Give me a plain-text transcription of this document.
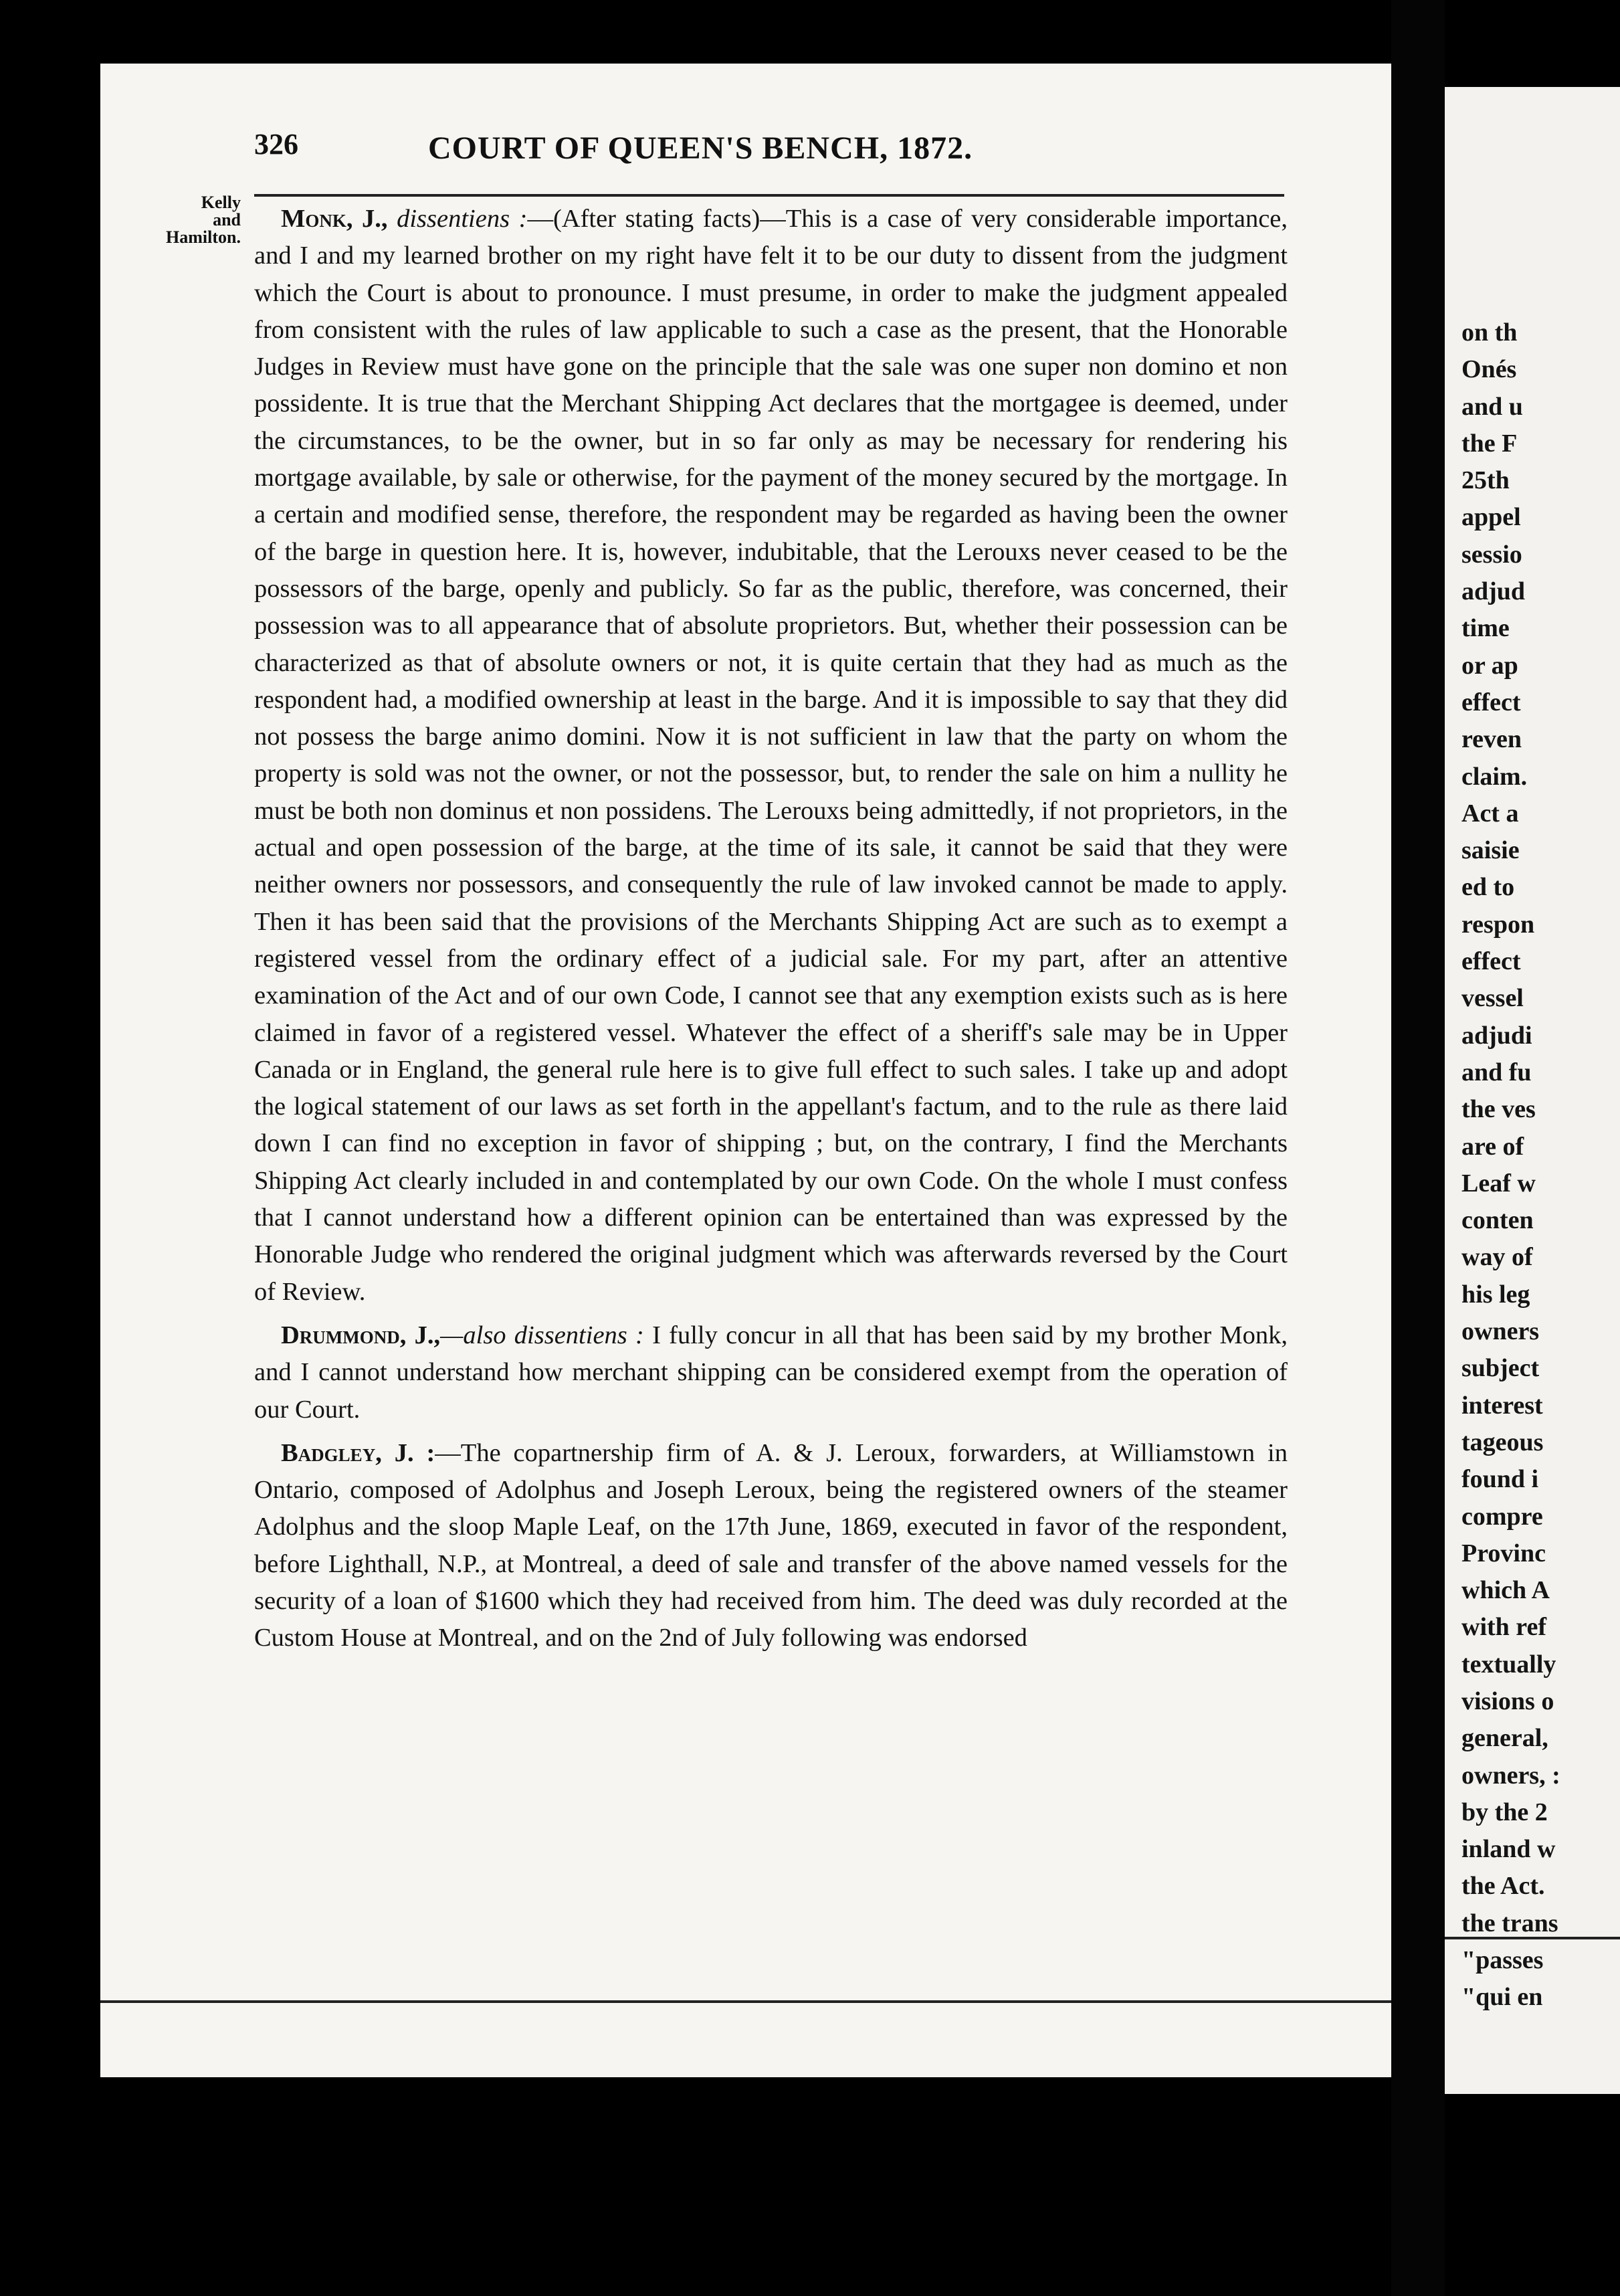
326	COURT OF QUEEN'S BENCH, 1872.
Kelly
and
Hamilton.

Monk, J., dissentiens :—(After stating facts)—This is a case of very considerable importance, and I and my learned brother on my right have felt it to be our duty to dissent from the judgment which the Court is about to pronounce. I must presume, in order to make the judgment appealed from consistent with the rules of law applicable to such a case as the present, that the Honorable Judges in Review must have gone on the principle that the sale was one super non domino et non possidente. It is true that the Merchant Shipping Act declares that the mortgagee is deemed, under the circumstances, to be the owner, but in so far only as may be necessary for rendering his mortgage available, by sale or otherwise, for the payment of the money secured by the mortgage. In a certain and modified sense, therefore, the respondent may be regarded as having been the owner of the barge in question here. It is, however, indubitable, that the Lerouxs never ceased to be the possessors of the barge, openly and publicly. So far as the public, therefore, was concerned, their possession was to all appearance that of absolute proprietors. But, whether their possession can be characterized as that of absolute owners or not, it is quite certain that they had as much as the respondent had, a modified ownership at least in the barge. And it is impossible to say that they did not possess the barge animo domini. Now it is not sufficient in law that the party on whom the property is sold was not the owner, or not the possessor, but, to render the sale on him a nullity he must be both non dominus et non possidens. The Lerouxs being admittedly, if not proprietors, in the actual and open possession of the barge, at the time of its sale, it cannot be said that they were neither owners nor possessors, and consequently the rule of law invoked cannot be made to apply. Then it has been said that the provisions of the Merchants Shipping Act are such as to exempt a registered vessel from the ordinary effect of a judicial sale. For my part, after an attentive examination of the Act and of our own Code, I cannot see that any exemption exists such as is here claimed in favor of a registered vessel. Whatever the effect of a sheriff's sale may be in Upper Canada or in England, the general rule here is to give full effect to such sales. I take up and adopt the logical statement of our laws as set forth in the appellant's factum, and to the rule as there laid down I can find no exception in favor of shipping ; but, on the contrary, I find the Merchants Shipping Act clearly included in and contemplated by our own Code. On the whole I must confess that I cannot understand how a different opinion can be entertained than was expressed by the Honorable Judge who rendered the original judgment which was afterwards reversed by the Court of Review.

Drummond, J.,—also dissentiens : I fully concur in all that has been said by my brother Monk, and I cannot understand how merchant shipping can be considered exempt from the operation of our Court.

Badgley, J. :—The copartnership firm of A. & J. Leroux, forwarders, at Williamstown in Ontario, composed of Adolphus and Joseph Leroux, being the registered owners of the steamer Adolphus and the sloop Maple Leaf, on the 17th June, 1869, executed in favor of the respondent, before Lighthall, N.P., at Montreal, a deed of sale and transfer of the above named vessels for the security of a loan of $1600 which they had received from him. The deed was duly recorded at the Custom House at Montreal, and on the 2nd of July following was endorsed

on th
Onés
and u
the F
25th
appel
sessio
adjud
time
or ap
effect
reven
claim.
Act a
saisie
ed to
respon
effect
vessel
adjudi
and fu
the ves
are of
Leaf w
conten
way of
his leg
owners
subject
interest
tageous
found i
compre
Provinc
which A
with ref
textually
visions o
general,
owners, :
by the 2
inland w
the Act.
the trans
"passes
"qui en
